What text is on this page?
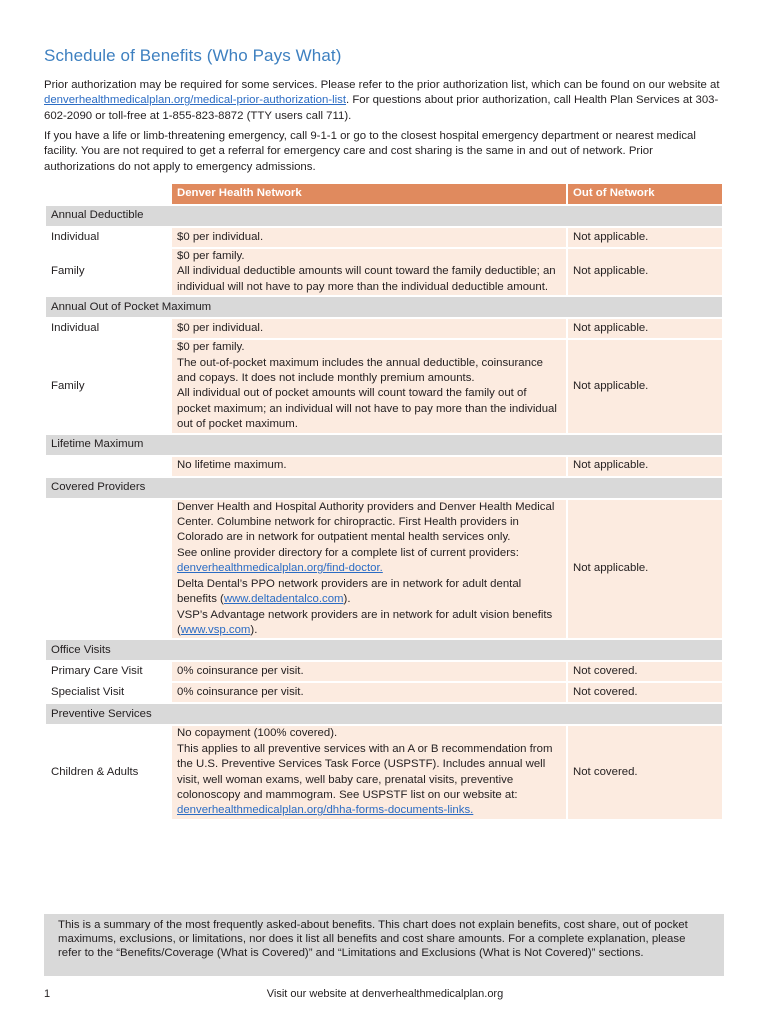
Schedule of Benefits (Who Pays What)

Prior authorization may be required for some services. Please refer to the prior authorization list, which can be found on our website at denverhealthmedicalplan.org/medical-prior-authorization-list. For questions about prior authorization, call Health Plan Services at 303-602-2090 or toll-free at 1-855-823-8872 (TTY users call 711).

If you have a life or limb-threatening emergency, call 9-1-1 or go to the closest hospital emergency department or nearest medical facility. You are not required to get a referral for emergency care and cost sharing is the same in and out of network. Prior authorizations do not apply to emergency admissions.

	Denver Health Network	Out of Network
Annual Deductible		
Individual	$0 per individual.	Not applicable.
Family	$0 per family.
All individual deductible amounts will count toward the family deductible; an individual will not have to pay more than the individual deductible amount.	Not applicable.
Annual Out of Pocket Maximum		
Individual	$0 per individual.	Not applicable.
Family	$0 per family.
The out-of-pocket maximum includes the annual deductible, coinsurance and copays. It does not include monthly premium amounts.
All individual out of pocket amounts will count toward the family out of pocket maximum; an individual will not have to pay more than the individual out of pocket maximum.	Not applicable.
Lifetime Maximum		
	No lifetime maximum.	Not applicable.
Covered Providers		

	Denver Health and Hospital Authority providers and Denver Health Medical Center. Columbine network for chiropractic. First Health providers in Colorado are in network for outpatient mental health services only.
See online provider directory for a complete list of current providers: denverhealthmedicalplan.org/find-doctor.
Delta Dental’s PPO network providers are in network for adult dental benefits (www.deltadentalco.com).
VSP’s Advantage network providers are in network for adult vision benefits (www.vsp.com).	Not applicable.
Office Visits		
Primary Care Visit	0% coinsurance per visit.	Not covered.
Specialist Visit	0% coinsurance per visit.	Not covered.
Preventive Services		
Children & Adults	No copayment (100% covered).
This applies to all preventive services with an A or B recommendation from the U.S. Preventive Services Task Force (USPSTF). Includes annual well visit, well woman exams, well baby care, prenatal visits, preventive colonoscopy and mammogram. See USPSTF list on our website at: denverhealthmedicalplan.org/dhha-forms-documents-links.	Not covered.

This is a summary of the most frequently asked-about benefits. This chart does not explain benefits, cost share, out of pocket maximums, exclusions, or limitations, nor does it list all benefits and cost share amounts. For a complete explanation, please refer to the “Benefits/Coverage (What is Covered)” and “Limitations and Exclusions (What is Not Covered)” sections.

1	Visit our website at denverhealthmedicalplan.org
